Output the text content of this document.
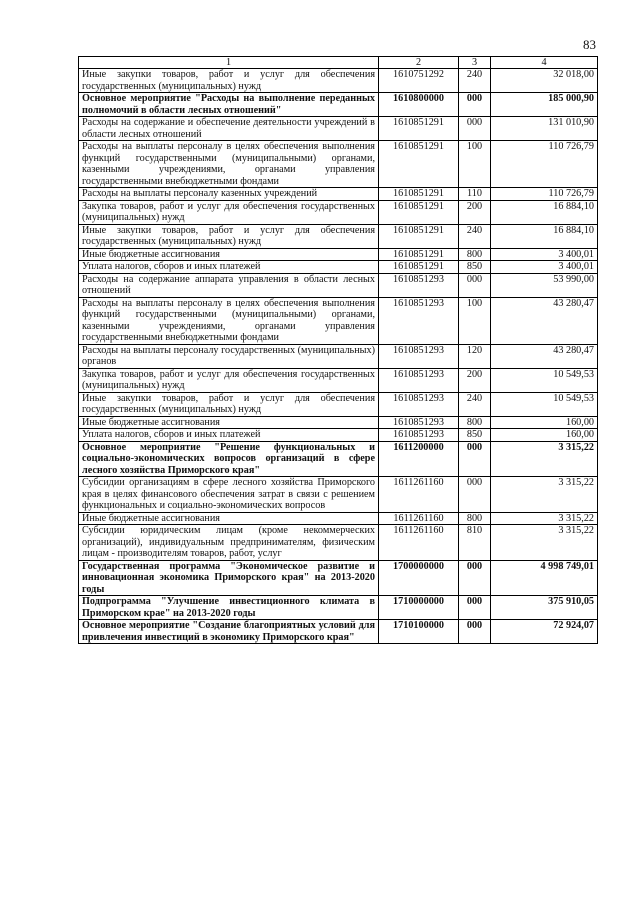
83
1	2	3	4
Иные закупки товаров, работ и услуг для обеспечения государственных (муниципальных) нужд	1610751292	240	32 018,00
Основное мероприятие "Расходы на выполнение переданных полномочий в области лесных отношений"	1610800000	000	185 000,90
Расходы на содержание и обеспечение деятельности учреждений в области лесных отношений	1610851291	000	131 010,90
Расходы на выплаты персоналу в целях обеспечения выполнения функций государственными (муниципальными) органами, казенными учреждениями, органами управления государственными внебюджетными фондами	1610851291	100	110 726,79
Расходы на выплаты персоналу казенных учреждений	1610851291	110	110 726,79
Закупка товаров, работ и услуг для обеспечения государственных (муниципальных) нужд	1610851291	200	16 884,10
Иные закупки товаров, работ и услуг для обеспечения государственных (муниципальных) нужд	1610851291	240	16 884,10
Иные бюджетные ассигнования	1610851291	800	3 400,01
Уплата налогов, сборов и иных платежей	1610851291	850	3 400,01
Расходы на содержание аппарата управления в области лесных отношений	1610851293	000	53 990,00
Расходы на выплаты персоналу в целях обеспечения выполнения функций государственными (муниципальными) органами, казенными учреждениями, органами управления государственными внебюджетными фондами	1610851293	100	43 280,47
Расходы на выплаты персоналу государственных (муниципальных) органов	1610851293	120	43 280,47
Закупка товаров, работ и услуг для обеспечения государственных (муниципальных) нужд	1610851293	200	10 549,53
Иные закупки товаров, работ и услуг для обеспечения государственных (муниципальных) нужд	1610851293	240	10 549,53
Иные бюджетные ассигнования	1610851293	800	160,00
Уплата налогов, сборов и иных платежей	1610851293	850	160,00
Основное мероприятие "Решение функциональных и социально-экономических вопросов организаций в сфере лесного хозяйства Приморского края"	1611200000	000	3 315,22
Субсидии организациям в сфере лесного хозяйства Приморского края в целях финансового обеспечения затрат в связи с решением функциональных и социально-экономических вопросов	1611261160	000	3 315,22
Иные бюджетные ассигнования	1611261160	800	3 315,22
Субсидии юридическим лицам (кроме некоммерческих организаций), индивидуальным предпринимателям, физическим лицам - производителям товаров, работ, услуг	1611261160	810	3 315,22
Государственная программа "Экономическое развитие и инновационная экономика Приморского края" на 2013-2020 годы	1700000000	000	4 998 749,01
Подпрограмма "Улучшение инвестиционного климата в Приморском крае" на 2013-2020 годы	1710000000	000	375 910,05
Основное мероприятие "Создание благоприятных условий для привлечения инвестиций в экономику Приморского края"	1710100000	000	72 924,07
